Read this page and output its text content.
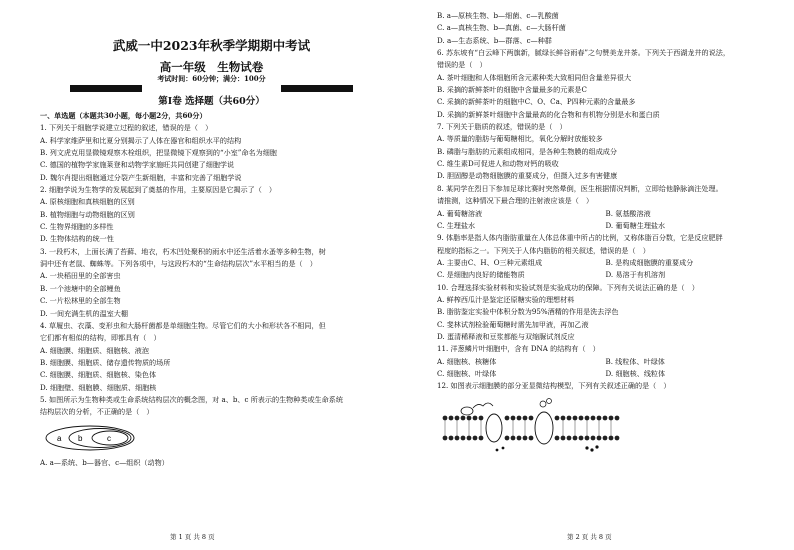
武威一中2023年秋季学期期中考试
高一年级　生物试卷
考试时间：60分钟；满分：100分
第Ⅰ卷 选择题（共60分）
一、单选题（本题共30小题，每小题2分，共60分）
1. 下列关于细胞学说建立过程的叙述，错误的是（　）
A. 科学家维萨里和比夏分别揭示了人体在器官和组织水平的结构
B. 列文虎克用显微镜观察木栓组织，把显微镜下观察到的“小室”命名为细胞
C. 德国的植物学家施莱登和动物学家施旺共同创建了细胞学说
D. 魏尔肖提出细胞通过分裂产生新细胞，丰富和完善了细胞学说
2. 细胞学说为生物学的发展起到了奠基的作用，主要原因是它揭示了（　）
A. 原核细胞和真核细胞的区别
B. 植物细胞与动物细胞的区别
C. 生物界细胞的多样性
D. 生物体结构的统一性
3. 一段朽木，上面长满了苔藓、地衣，朽木凹处聚积的雨水中还生活着水蚤等多种生物，树
洞中还有老鼠、蜘蛛等。下列各项中，与这段朽木的“生命结构层次”水平相当的是（　）
A. 一块稻田里的全部害虫
B. 一个池塘中的全部鲤鱼
C. 一片松林里的全部生物
D. 一间充满生机的温室大棚
4. 草履虫、衣藻、变形虫和大肠杆菌都是单细胞生物。尽管它们的大小和形状各不相同，但
它们都有相似的结构，即都具有（　）
A. 细胞膜、细胞质、细胞核、液泡
B. 细胞膜、细胞质、储存遗传物质的场所
C. 细胞膜、细胞质、细胞核、染色体
D. 细胞壁、细胞膜、细胞质、细胞核
5. 如图所示为生物种类或生命系统结构层次的概念图，对 a、b、c 所表示的生物种类或生命系统
结构层次的分析，不正确的是（　）
a b	c
A. a—系统、b—器官、c—组织（动物）
第 1 页 共 8 页
B. a—原核生物、b—细菌、c—乳酸菌
C. a—真核生物、b—真菌、c—大肠杆菌
D. a—生态系统、b—群落、c—种群
6. 苏东坡有“白云峰下两旗新，腻绿长鲜谷雨春”之句赞美龙井茶。下列关于西湖龙井的说法，
错误的是（　）
A. 茶叶细胞和人体细胞所含元素种类大致相同但含量差异很大
B. 采摘的新鲜茶叶的细胞中含量最多的元素是C
C. 采摘的新鲜茶叶的细胞中C、O、Ca、P四种元素的含量最多
D. 采摘的新鲜茶叶细胞中含量最高的化合物和有机物分别是水和蛋白质
7. 下列关于脂质的叙述，错误的是（　）
A. 等质量的脂肪与葡萄糖相比，氧化分解时放能较多
B. 磷脂与脂肪的元素组成相同，是各种生物膜的组成成分
C. 维生素D可促进人和动物对钙的吸收
D. 胆固醇是动物细胞膜的重要成分，但摄入过多有害健康
8. 某同学在烈日下参加足球比赛时突然晕倒，医生根据情况判断，立即给他静脉滴注处理。
请推测，这种情况下最合理的注射液应该是（　）
A. 葡萄糖溶液	B. 氨基酸溶液
C. 生理盐水	D. 葡萄糖生理盐水
9. 体脂率是指人体内脂肪重量在人体总体重中所占的比例，又称体脂百分数，它是反应肥胖
程度的指标之一。下列关于人体内脂肪的相关叙述，错误的是（　）
A. 主要由C、H、O三种元素组成	B. 是构成细胞膜的重要成分
C. 是细胞内良好的储能物质	D. 易溶于有机溶剂
10. 合理选择实验材料和实验试剂是实验成功的保障。下列有关说法正确的是（　）
A. 鲜榨西瓜汁是鉴定还原糖实验的理想材料
B. 脂肪鉴定实验中体积分数为95%酒精的作用是洗去浮色
C. 斐林试剂检验葡萄糖时需先加甲液，再加乙液
D. 蛋清稀释液和豆浆都能与双缩脲试剂反应
11. 洋葱鳞片叶细胞中，含有 DNA 的结构有（　）
A. 细胞核、核糖体	B. 线粒体、叶绿体
C. 细胞核、叶绿体	D. 细胞核、线粒体
12. 如图表示细胞膜的部分亚显微结构模型，下列有关叙述正确的是（　）
第 2 页 共 8 页
